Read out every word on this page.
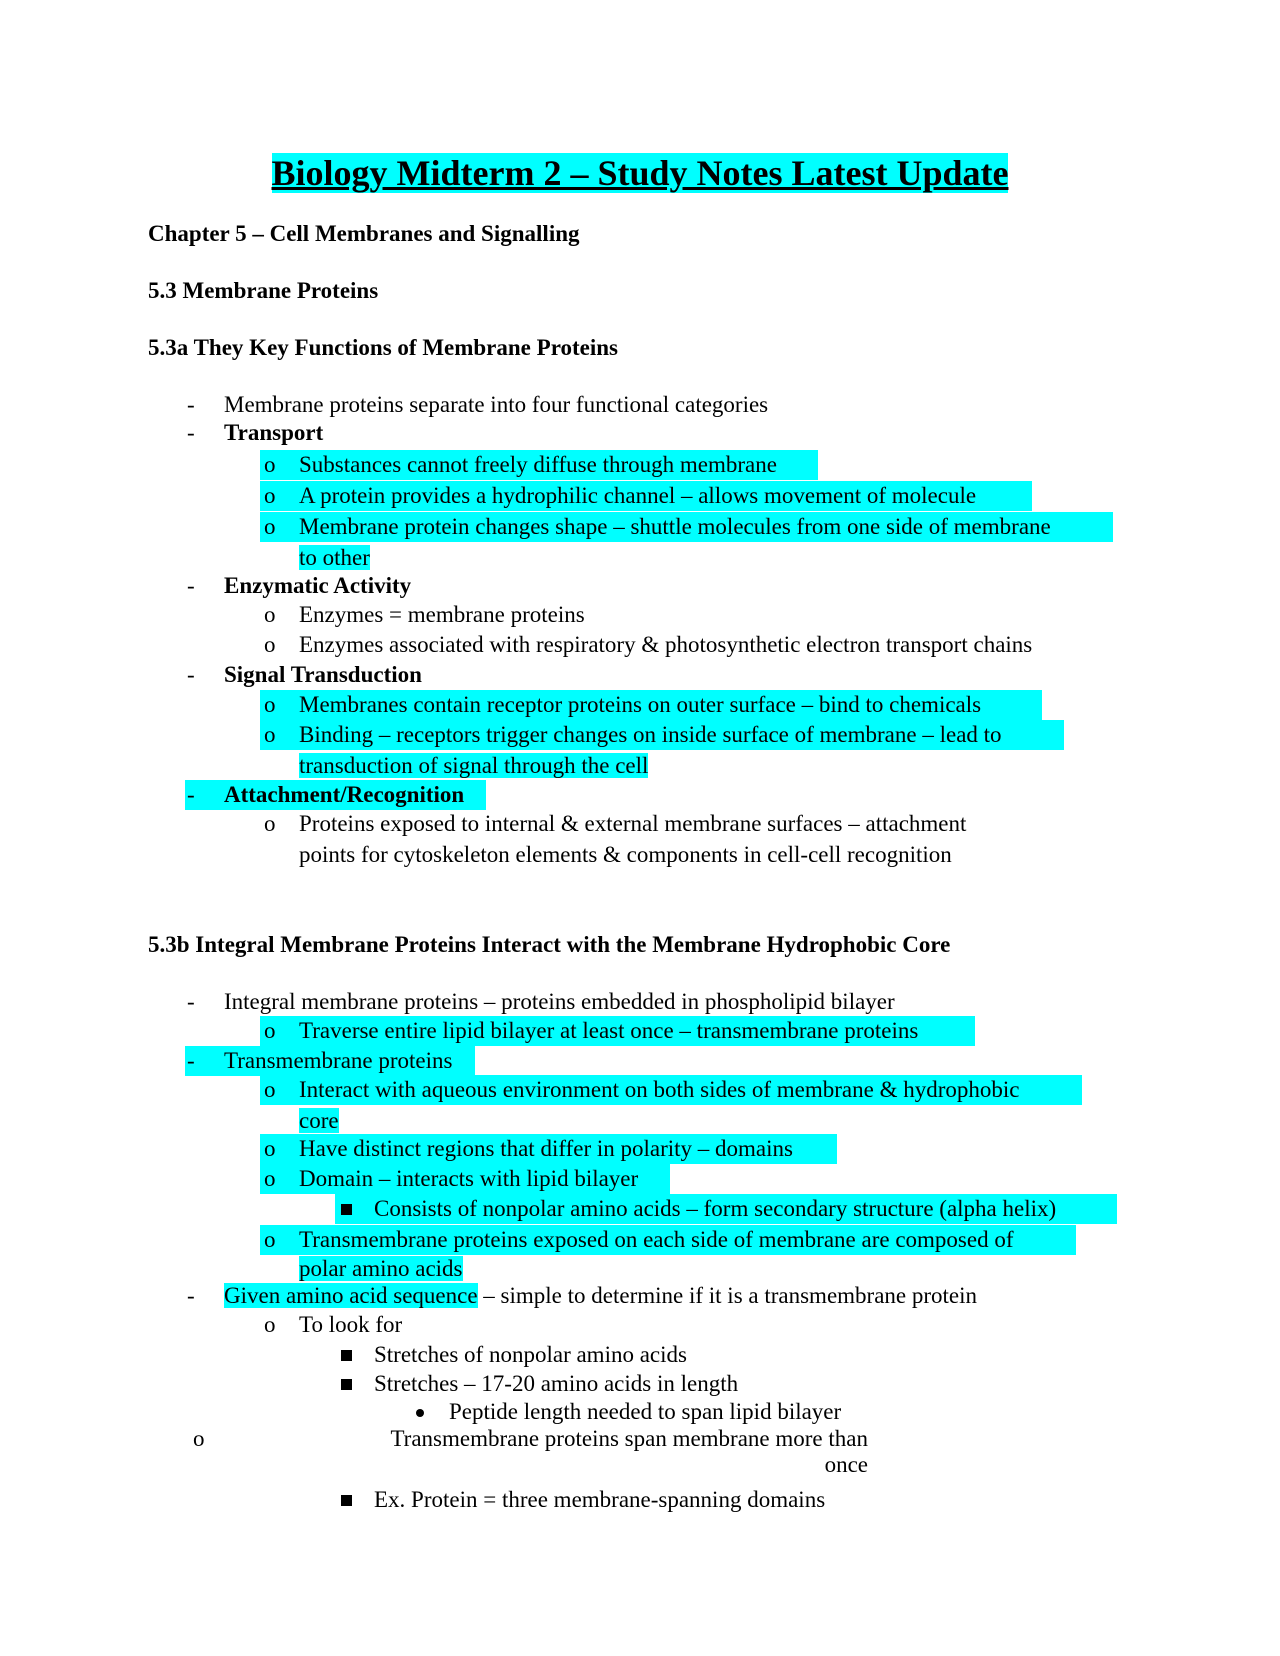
Biology Midterm 2 – Study Notes Latest Update
Chapter 5 – Cell Membranes and Signalling
5.3 Membrane Proteins
5.3a They Key Functions of Membrane Proteins
- Membrane proteins separate into four functional categories
- Transport
o Substances cannot freely diffuse through membrane
o A protein provides a hydrophilic channel – allows movement of molecule
o Membrane protein changes shape – shuttle molecules from one side of membrane
to other
- Enzymatic Activity
o Enzymes = membrane proteins
o Enzymes associated with respiratory & photosynthetic electron transport chains
- Signal Transduction
o Membranes contain receptor proteins on outer surface – bind to chemicals
o Binding – receptors trigger changes on inside surface of membrane – lead to
transduction of signal through the cell
- Attachment/Recognition
o Proteins exposed to internal & external membrane surfaces – attachment
points for cytoskeleton elements & components in cell-cell recognition
5.3b Integral Membrane Proteins Interact with the Membrane Hydrophobic Core
- Integral membrane proteins – proteins embedded in phospholipid bilayer
o Traverse entire lipid bilayer at least once – transmembrane proteins
- Transmembrane proteins
o Interact with aqueous environment on both sides of membrane & hydrophobic
core
o Have distinct regions that differ in polarity – domains
o Domain – interacts with lipid bilayer
Consists of nonpolar amino acids – form secondary structure (alpha helix)
o Transmembrane proteins exposed on each side of membrane are composed of
polar amino acids
- Given amino acid sequence – simple to determine if it is a transmembrane protein
o To look for
Stretches of nonpolar amino acids
Stretches – 17-20 amino acids in length
Peptide length needed to span lipid bilayer
o	Transmembrane proteins span membrane more than
once
Ex. Protein = three membrane-spanning domains
